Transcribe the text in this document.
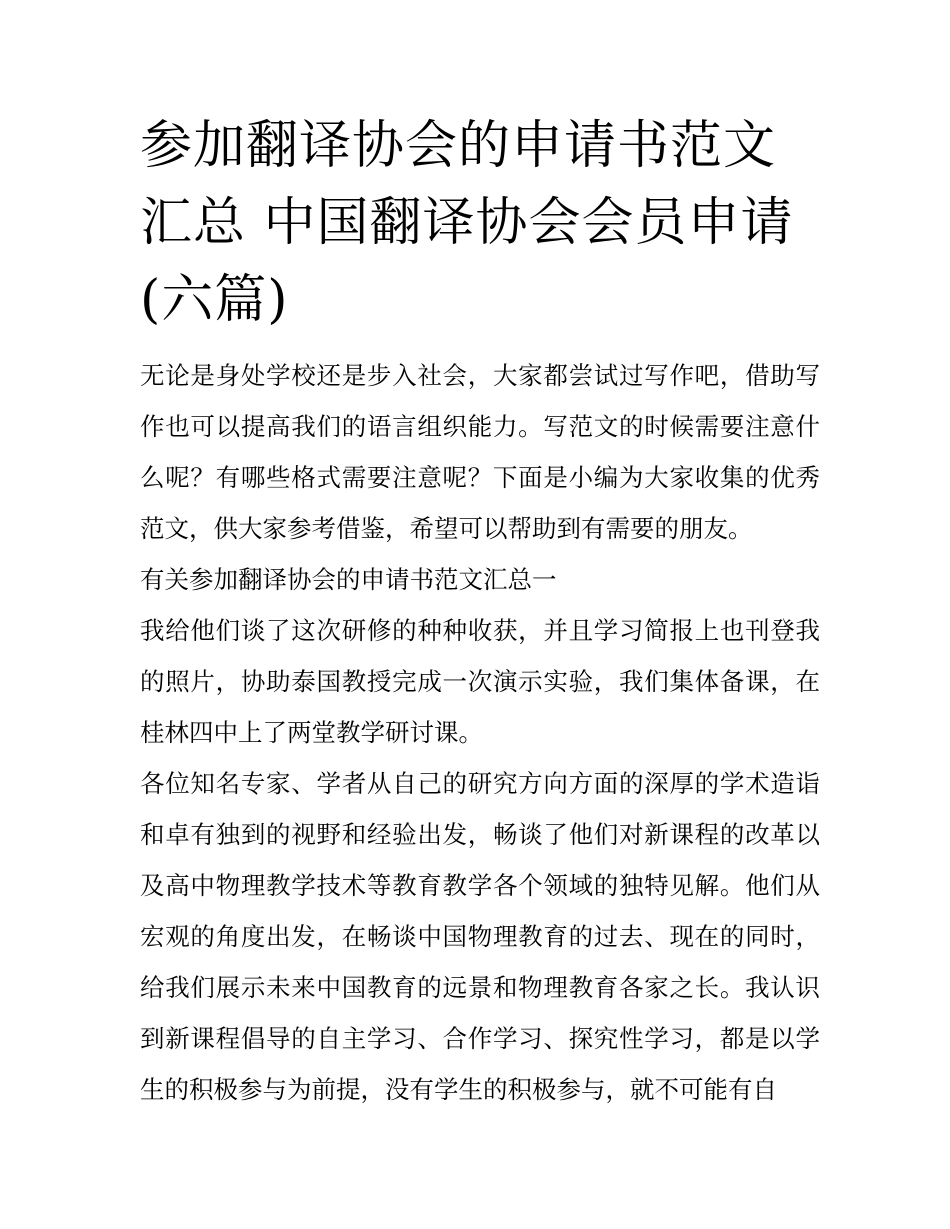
参加翻译协会的申请书范文汇总 中国翻译协会会员申请(六篇)

无论是身处学校还是步入社会，大家都尝试过写作吧，借助写作也可以提高我们的语言组织能力。写范文的时候需要注意什么呢？有哪些格式需要注意呢？下面是小编为大家收集的优秀范文，供大家参考借鉴，希望可以帮助到有需要的朋友。

有关参加翻译协会的申请书范文汇总一

我给他们谈了这次研修的种种收获，并且学习简报上也刊登我的照片，协助泰国教授完成一次演示实验，我们集体备课，在桂林四中上了两堂教学研讨课。

各位知名专家、学者从自己的研究方向方面的深厚的学术造诣和卓有独到的视野和经验出发，畅谈了他们对新课程的改革以及高中物理教学技术等教育教学各个领域的独特见解。他们从宏观的角度出发，在畅谈中国物理教育的过去、现在的同时，给我们展示未来中国教育的远景和物理教育各家之长。我认识到新课程倡导的自主学习、合作学习、探究性学习，都是以学生的积极参与为前提，没有学生的积极参与，就不可能有自
